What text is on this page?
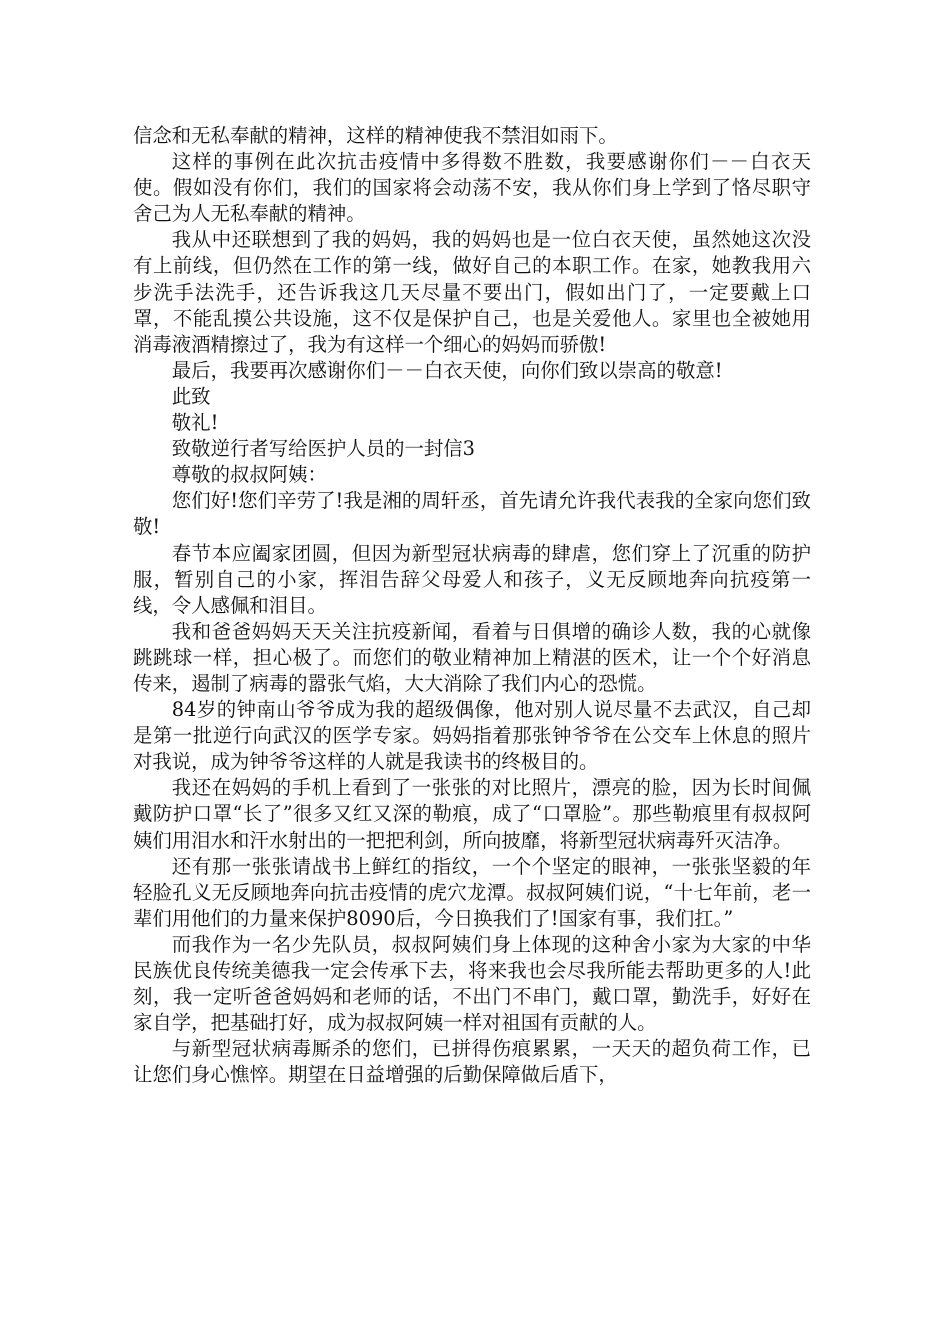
信念和无私奉献的精神，这样的精神使我不禁泪如雨下。

这样的事例在此次抗击疫情中多得数不胜数，我要感谢你们－－白衣天使。假如没有你们，我们的国家将会动荡不安，我从你们身上学到了恪尽职守舍己为人无私奉献的精神。

我从中还联想到了我的妈妈，我的妈妈也是一位白衣天使，虽然她这次没有上前线，但仍然在工作的第一线，做好自己的本职工作。在家，她教我用六步洗手法洗手，还告诉我这几天尽量不要出门，假如出门了，一定要戴上口罩，不能乱摸公共设施，这不仅是保护自己，也是关爱他人。家里也全被她用消毒液酒精擦过了，我为有这样一个细心的妈妈而骄傲!

最后，我要再次感谢你们－－白衣天使，向你们致以崇高的敬意!

此致

敬礼!

致敬逆行者写给医护人员的一封信3

尊敬的叔叔阿姨：

您们好!您们辛劳了!我是湘的周轩丞，首先请允许我代表我的全家向您们致敬!

春节本应阖家团圆，但因为新型冠状病毒的肆虐，您们穿上了沉重的防护服，暂别自己的小家，挥泪告辞父母爱人和孩子，义无反顾地奔向抗疫第一线，令人感佩和泪目。

我和爸爸妈妈天天关注抗疫新闻，看着与日俱增的确诊人数，我的心就像跳跳球一样，担心极了。而您们的敬业精神加上精湛的医术，让一个个好消息传来，遏制了病毒的嚣张气焰，大大消除了我们内心的恐慌。

84岁的钟南山爷爷成为我的超级偶像，他对别人说尽量不去武汉，自己却是第一批逆行向武汉的医学专家。妈妈指着那张钟爷爷在公交车上休息的照片对我说，成为钟爷爷这样的人就是我读书的终极目的。

我还在妈妈的手机上看到了一张张的对比照片，漂亮的脸，因为长时间佩戴防护口罩“长了”很多又红又深的勒痕，成了“口罩脸”。那些勒痕里有叔叔阿姨们用泪水和汗水射出的一把把利剑，所向披靡，将新型冠状病毒歼灭洁净。

还有那一张张请战书上鲜红的指纹，一个个坚定的眼神，一张张坚毅的年轻脸孔义无反顾地奔向抗击疫情的虎穴龙潭。叔叔阿姨们说，“十七年前，老一辈们用他们的力量来保护8090后，今日换我们了!国家有事，我们扛。”

而我作为一名少先队员，叔叔阿姨们身上体现的这种舍小家为大家的中华民族优良传统美德我一定会传承下去，将来我也会尽我所能去帮助更多的人!此刻，我一定听爸爸妈妈和老师的话，不出门不串门，戴口罩，勤洗手，好好在家自学，把基础打好，成为叔叔阿姨一样对祖国有贡献的人。

与新型冠状病毒厮杀的您们，已拼得伤痕累累，一天天的超负荷工作，已让您们身心憔悴。期望在日益增强的后勤保障做后盾下，
